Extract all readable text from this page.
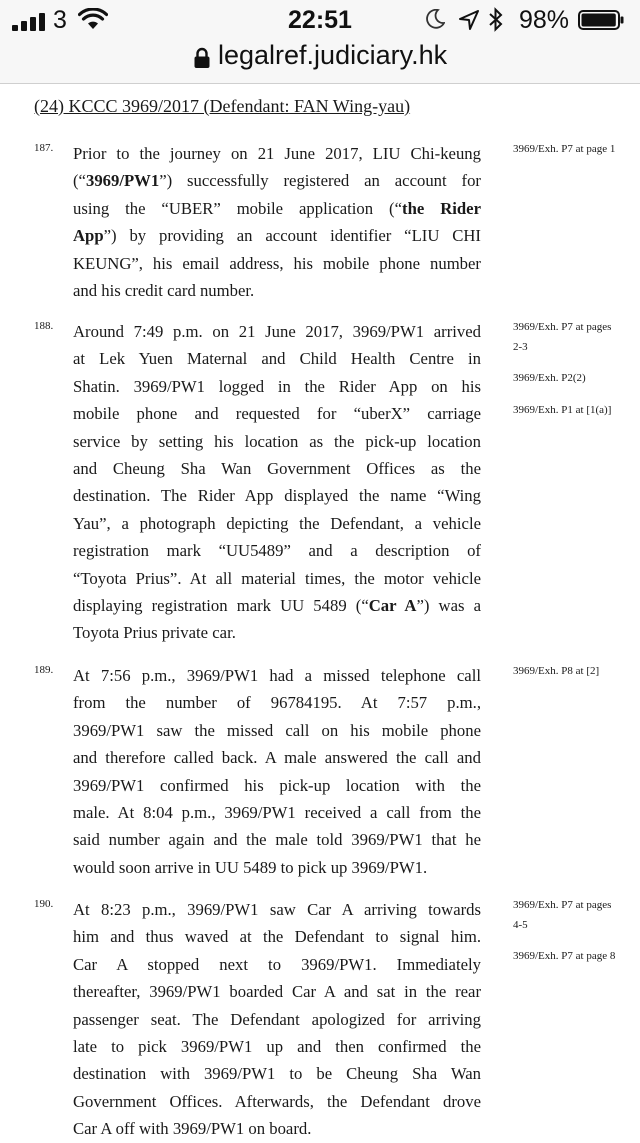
3	22:51	98%
legalref.judiciary.hk
(24) KCCC 3969/2017 (Defendant: FAN Wing-yau)
187. Prior to the journey on 21 June 2017, LIU Chi-keung
(“3969/PW1”) successfully registered an account for
using the “UBER” mobile application (“the Rider
App”) by providing an account identifier “LIU CHI
KEUNG”, his email address, his mobile phone number
and his credit card number.
3969/Exh. P7 at page 1
188. Around 7:49 p.m. on 21 June 2017, 3969/PW1 arrived
at Lek Yuen Maternal and Child Health Centre in
Shatin. 3969/PW1 logged in the Rider App on his
mobile phone and requested for “uberX” carriage
service by setting his location as the pick-up location
and Cheung Sha Wan Government Offices as the
destination. The Rider App displayed the name “Wing
Yau”, a photograph depicting the Defendant, a vehicle
registration mark “UU5489” and a description of
“Toyota Prius”. At all material times, the motor vehicle
displaying registration mark UU 5489 (“Car A”) was a
Toyota Prius private car.
3969/Exh. P7 at pages 2-3
3969/Exh. P2(2)
3969/Exh. P1 at [1(a)]
189. At 7:56 p.m., 3969/PW1 had a missed telephone call
from the number of 96784195. At 7:57 p.m.,
3969/PW1 saw the missed call on his mobile phone
and therefore called back. A male answered the call and
3969/PW1 confirmed his pick-up location with the
male. At 8:04 p.m., 3969/PW1 received a call from the
said number again and the male told 3969/PW1 that he
would soon arrive in UU 5489 to pick up 3969/PW1.
3969/Exh. P8 at [2]
190. At 8:23 p.m., 3969/PW1 saw Car A arriving towards
him and thus waved at the Defendant to signal him.
Car A stopped next to 3969/PW1. Immediately
thereafter, 3969/PW1 boarded Car A and sat in the rear
passenger seat. The Defendant apologized for arriving
late to pick 3969/PW1 up and then confirmed the
destination with 3969/PW1 to be Cheung Sha Wan
Government Offices. Afterwards, the Defendant drove
Car A off with 3969/PW1 on board.
3969/Exh. P7 at pages 4-5
3969/Exh. P7 at page 8
